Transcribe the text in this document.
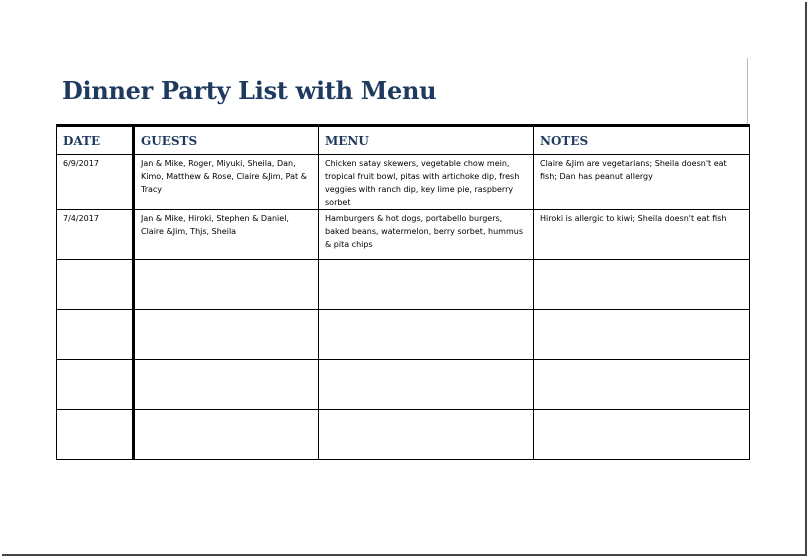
Dinner Party List with Menu
DATE	GUESTS	MENU	NOTES
6/9/2017	Jan & Mike, Roger, Miyuki, Sheila, Dan, Kimo, Matthew & Rose, Claire &Jim, Pat & Tracy	Chicken satay skewers, vegetable chow mein, tropical fruit bowl, pitas with artichoke dip, fresh veggies with ranch dip, key lime pie, raspberry sorbet	Claire &Jim are vegetarians; Sheila doesn't eat fish; Dan has peanut allergy
7/4/2017	Jan & Mike, Hiroki, Stephen & Daniel, Claire &Jim, Thjs, Sheila	Hamburgers & hot dogs, portabello burgers, baked beans, watermelon, berry sorbet, hummus & pita chips	Hiroki is allergic to kiwi; Sheila doesn't eat fish
